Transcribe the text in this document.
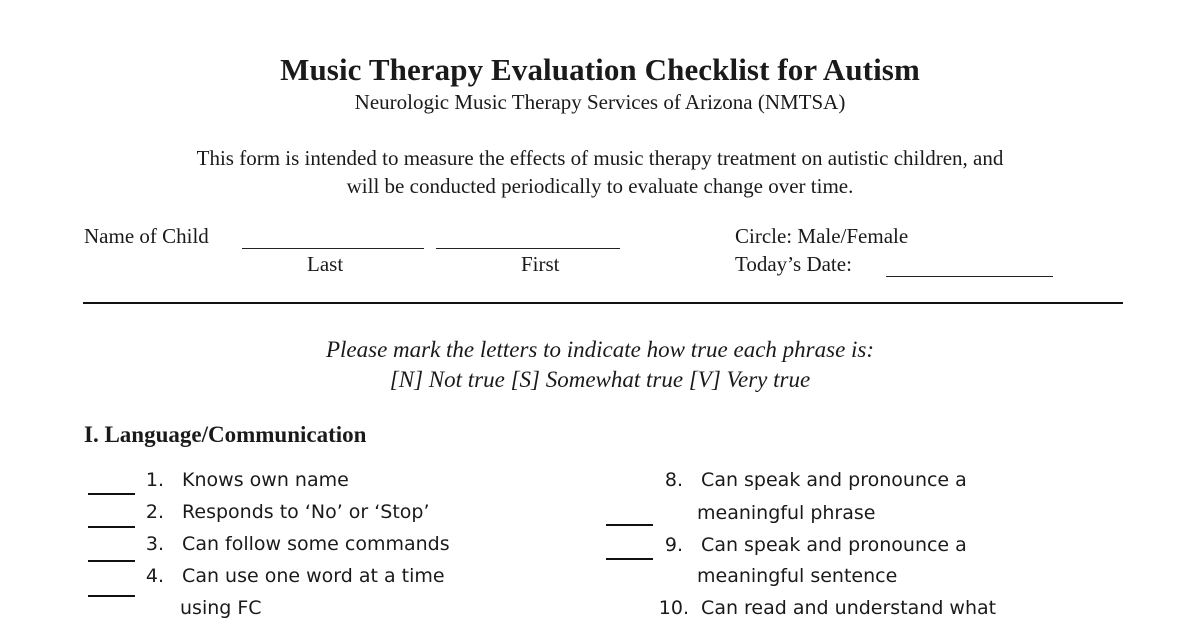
Music Therapy Evaluation Checklist for Autism
Neurologic Music Therapy Services of Arizona (NMTSA)
This form is intended to measure the effects of music therapy treatment on autistic children, and
will be conducted periodically to evaluate change over time.
Name of Child
Last	First
Circle: Male/Female
Today’s Date:
Please mark the letters to indicate how true each phrase is:
[N] Not true [S] Somewhat true [V] Very true
I. Language/Communication
1. Knows own name
2. Responds to ‘No’ or ‘Stop’
3. Can follow some commands
4. Can use one word at a time
using FC
8. Can speak and pronounce a
meaningful phrase
9. Can speak and pronounce a
meaningful sentence
10. Can read and understand what
